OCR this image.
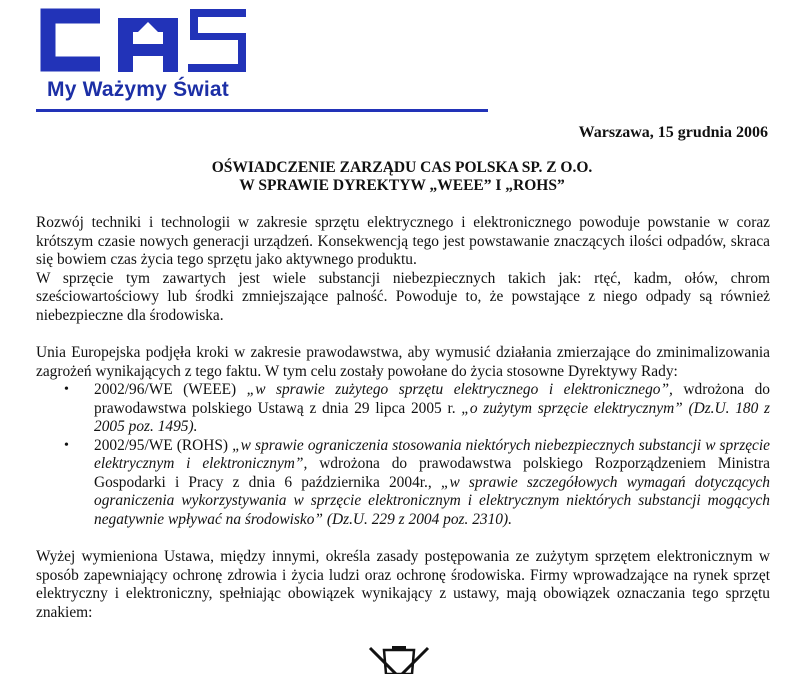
My Ważymy Świat
Warszawa, 15 grudnia 2006
OŚWIADCZENIE ZARZĄDU CAS POLSKA SP. Z O.O.
W SPRAWIE DYREKTYW „WEEE” I „ROHS”

Rozwój techniki i technologii w zakresie sprzętu elektrycznego i elektronicznego powoduje powstanie w coraz krótszym czasie nowych generacji urządzeń. Konsekwencją tego jest powstawanie znaczących ilości odpadów, skraca się bowiem czas życia tego sprzętu jako aktywnego produktu.

W sprzęcie tym zawartych jest wiele substancji niebezpiecznych takich jak: rtęć, kadm, ołów, chrom sześciowartościowy lub środki zmniejszające palność. Powoduje to, że powstające z niego odpady są również niebezpieczne dla środowiska.

Unia Europejska podjęła kroki w zakresie prawodawstwa, aby wymusić działania zmierzające do zminimalizowania zagrożeń wynikających z tego faktu. W tym celu zostały powołane do życia stosowne Dyrektywy Rady:

• 2002/96/WE (WEEE) „w sprawie zużytego sprzętu elektrycznego i elektronicznego”, wdrożona do prawodawstwa polskiego Ustawą z dnia 29 lipca 2005 r. „o zużytym sprzęcie elektrycznym” (Dz.U. 180 z 2005 poz. 1495).
• 2002/95/WE (ROHS) „w sprawie ograniczenia stosowania niektórych niebezpiecznych substancji w sprzęcie elektrycznym i elektronicznym”, wdrożona do prawodawstwa polskiego Rozporządzeniem Ministra Gospodarki i Pracy z dnia 6 października 2004r., „w sprawie szczegółowych wymagań dotyczących ograniczenia wykorzystywania w sprzęcie elektronicznym i elektrycznym niektórych substancji mogących negatywnie wpływać na środowisko” (Dz.U. 229 z 2004 poz. 2310).

Wyżej wymieniona Ustawa, między innymi, określa zasady postępowania ze zużytym sprzętem elektronicznym w sposób zapewniający ochronę zdrowia i życia ludzi oraz ochronę środowiska. Firmy wprowadzające na rynek sprzęt elektryczny i elektroniczny, spełniając obowiązek wynikający z ustawy, mają obowiązek oznaczania tego sprzętu znakiem:
